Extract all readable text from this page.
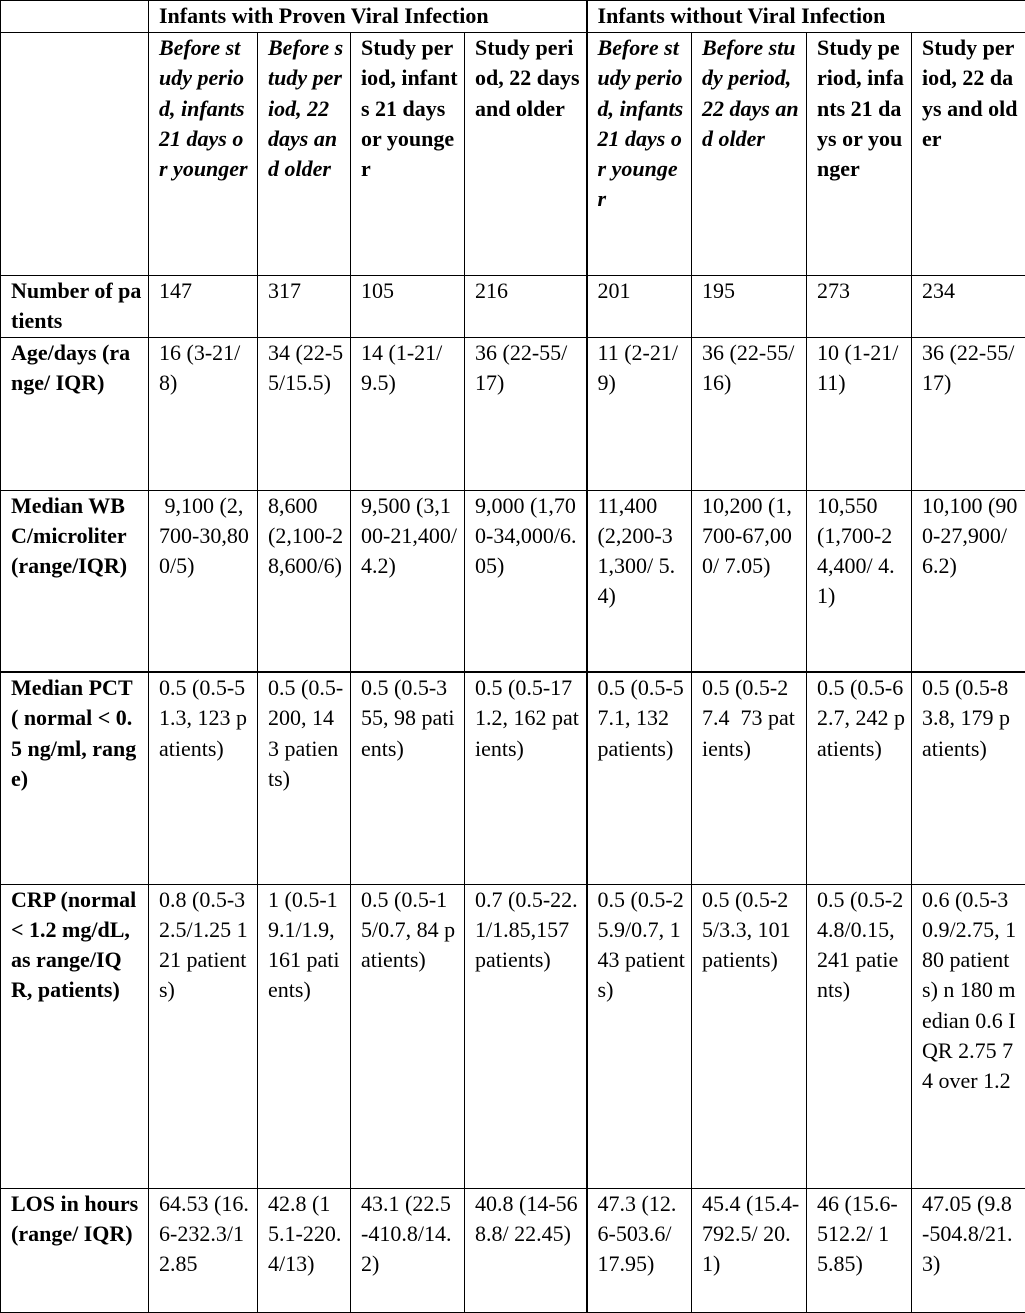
	Infants with Proven Viral Infection				Infants without Viral Infection			
	Before study period, infants 21 days or younger	Before study period, 22 days and older	Study period, infants 21 days or younger	Study period, 22 days and older	Before study period, infants 21 days or younger	Before study period, 22 days and older	Study period, infants 21 days or younger	Study period, 22 days and older
Number of patients	147	317	105	216	201	195	273	234
Age/days (range/ IQR)	16 (3-21/8)	34 (22-55/15.5)	14 (1-21/ 9.5)	36 (22-55/ 17)	11 (2-21/9)	36 (22-55/ 16)	10 (1-21/11)	36 (22-55/ 17)
Median WBC/microliter (range/IQR)	9,100 (2,700-30,800/5)	8,600 (2,100-28,600/6)	9,500 (3,100-21,400/ 4.2)	9,000 (1,700-34,000/6.05)	11,400 (2,200-31,300/ 5.4)	10,200 (1,700-67,000/ 7.05)	10,550 (1,700-24,400/ 4.1)	10,100 (900-27,900/ 6.2)
Median PCT ( normal < 0.5 ng/ml, range)	0.5 (0.5-51.3, 123 patients)	0.5 (0.5-200, 143 patients)	0.5 (0.5-355, 98 patients)	0.5 (0.5-171.2, 162 patients)	0.5 (0.5-57.1, 132 patients)	0.5 (0.5-27.4  73 patients)	0.5 (0.5-62.7, 242 patients)	0.5 (0.5-83.8, 179 patients)
CRP (normal < 1.2 mg/dL, as range/IQR, patients)	0.8 (0.5-32.5/1.25 121 patients)	1 (0.5-19.1/1.9, 161 patients)	0.5 (0.5-15/0.7, 84 patients)	0.7 (0.5-22.1/1.85,157 patients)	0.5 (0.5-25.9/0.7, 143 patients)	0.5 (0.5-25/3.3, 101 patients)	0.5 (0.5-24.8/0.15, 241 patients)	0.6 (0.5-30.9/2.75, 180 patients) n 180 median 0.6 IQR 2.75 74 over 1.2
LOS in hours (range/ IQR)	64.53 (16.6-232.3/12.85	42.8 (15.1-220.4/13)	43.1 (22.5-410.8/14.2)	40.8 (14-568.8/ 22.45)	47.3 (12.6-503.6/ 17.95)	45.4 (15.4-792.5/ 20.1)	46 (15.6-512.2/ 15.85)	47.05 (9.8-504.8/21.3)
